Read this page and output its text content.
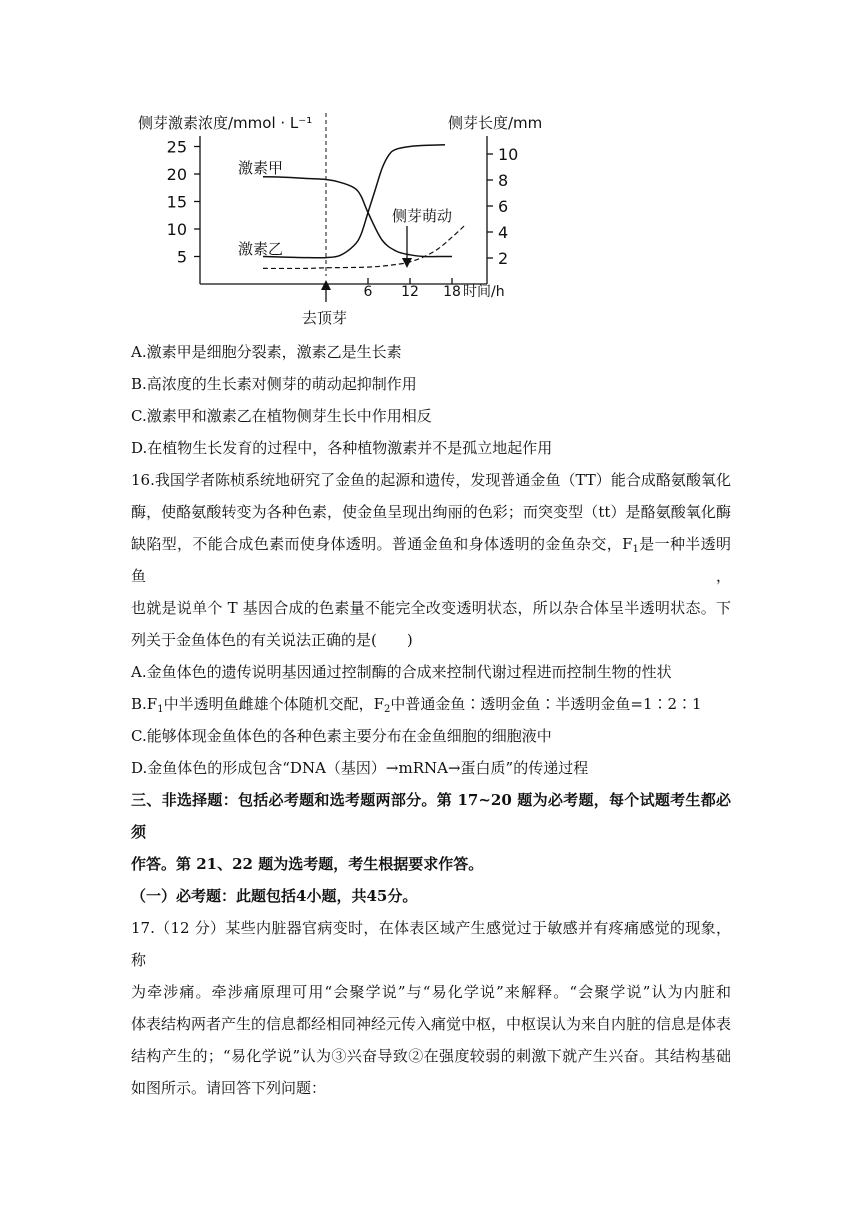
侧芽激素浓度/mmol · L⁻¹	侧芽长度/mm
时间/h
25
20
15
10
5
10
8
6
4
2
6 12 18
激素甲
激素乙
侧芽萌动
去顶芽

A.激素甲是细胞分裂素，激素乙是生长素

B.高浓度的生长素对侧芽的萌动起抑制作用

C.激素甲和激素乙在植物侧芽生长中作用相反

D.在植物生长发育的过程中，各种植物激素并不是孤立地起作用

16.我国学者陈桢系统地研究了金鱼的起源和遗传，发现普通金鱼（TT）能合成酪氨酸氧化

酶，使酪氨酸转变为各种色素，使金鱼呈现出绚丽的色彩；而突变型（tt）是酪氨酸氧化酶

缺陷型，不能合成色素而使身体透明。普通金鱼和身体透明的金鱼杂交，$F_1$是一种半透明鱼，

也就是说单个 T 基因合成的色素量不能完全改变透明状态，所以杂合体呈半透明状态。下

列关于金鱼体色的有关说法正确的是(　　)

A.金鱼体色的遗传说明基因通过控制酶的合成来控制代谢过程进而控制生物的性状

$B.F_1$中半透明鱼雌雄个体随机交配，$F_2$中普通金鱼∶透明金鱼∶半透明金鱼=1∶2∶1

C.能够体现金鱼体色的各种色素主要分布在金鱼细胞的细胞液中

D.金鱼体色的形成包含“DNA（基因）→mRNA→蛋白质”的传递过程

三、非选择题：包括必考题和选考题两部分。第 17~20 题为必考题，每个试题考生都必须

作答。第 21、22 题为选考题，考生根据要求作答。

（一）必考题：此题包括4小题，共45分。

17.（12 分）某些内脏器官病变时，在体表区域产生感觉过于敏感并有疼痛感觉的现象，称

为牵涉痛。牵涉痛原理可用“会聚学说”与“易化学说”来解释。“会聚学说”认为内脏和

体表结构两者产生的信息都经相同神经元传入痛觉中枢，中枢误认为来自内脏的信息是体表

结构产生的；“易化学说”认为③兴奋导致②在强度较弱的刺激下就产生兴奋。其结构基础

如图所示。请回答下列问题：
